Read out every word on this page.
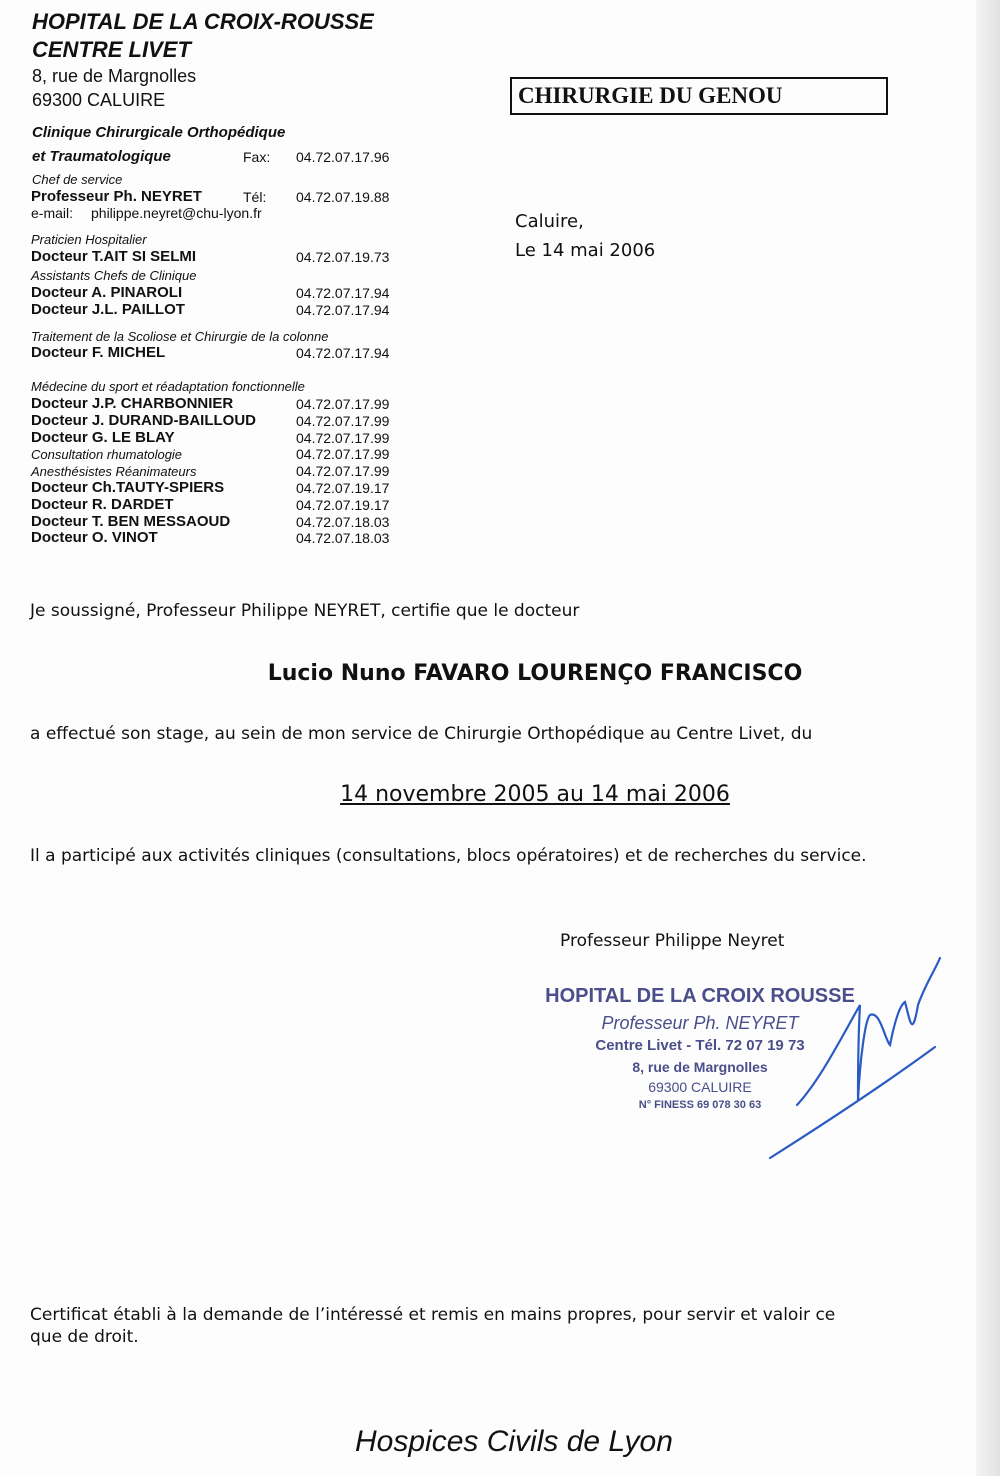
HOPITAL DE LA CROIX-ROUSSE
CENTRE LIVET
8, rue de Margnolles
69300 CALUIRE
Clinique Chirurgicale Orthopédique
et Traumatologique	Fax: 04.72.07.17.96
Chef de service
Professeur Ph. NEYRET	Tél: 04.72.07.19.88
e-mail: philippe.neyret@chu-lyon.fr
Praticien Hospitalier
Docteur T.AIT SI SELMI	04.72.07.19.73
Assistants Chefs de Clinique
Docteur A. PINAROLI	04.72.07.17.94
Docteur J.L. PAILLOT	04.72.07.17.94
Traitement de la Scoliose et Chirurgie de la colonne
Docteur F. MICHEL	04.72.07.17.94
Médecine du sport et réadaptation fonctionnelle
Docteur J.P. CHARBONNIER	04.72.07.17.99
Docteur J. DURAND-BAILLOUD	04.72.07.17.99
Docteur G. LE BLAY	04.72.07.17.99
Consultation rhumatologie	04.72.07.17.99
Anesthésistes Réanimateurs	04.72.07.17.99
Docteur Ch.TAUTY-SPIERS	04.72.07.19.17
Docteur R. DARDET	04.72.07.19.17
Docteur T. BEN MESSAOUD	04.72.07.18.03
Docteur O. VINOT	04.72.07.18.03
CHIRURGIE DU GENOU
Caluire,
Le 14 mai 2006
Je soussigné, Professeur Philippe NEYRET, certifie que le docteur
Lucio Nuno FAVARO LOURENÇO FRANCISCO
a effectué son stage, au sein de mon service de Chirurgie Orthopédique au Centre Livet, du
14 novembre 2005 au 14 mai 2006
Il a participé aux activités cliniques (consultations, blocs opératoires) et de recherches du service.
Professeur Philippe Neyret
HOPITAL DE LA CROIX ROUSSE
Professeur Ph. NEYRET
Centre Livet - Tél. 72 07 19 73
8, rue de Margnolles
69300 CALUIRE
N° FINESS 69 078 30 63
Certificat établi à la demande de l’intéressé et remis en mains propres, pour servir et valoir ce
que de droit.
Hospices Civils de Lyon
